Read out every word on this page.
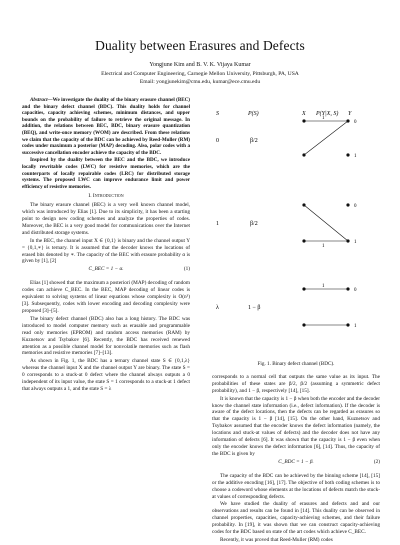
Duality between Erasures and Defects
Yongjune Kim and B. V. K. Vijaya Kumar
Electrical and Computer Engineering, Carnegie Mellon University, Pittsburgh, PA, USA
Email: yongjunekim@cmu.edu, kumar@ece.cmu.edu
Abstract—We investigate the duality of the binary erasure channel (BEC) and the binary defect channel (BDC). This duality holds for channel capacities, capacity achieving schemes, minimum distances, and upper bounds on the probability of failure to retrieve the original message. In addition, the relations between BEC, BDC, binary erasure quantization (BEQ), and write-once memory (WOM) are described. From these relations we claim that the capacity of the BDC can be achieved by Reed-Muller (RM) codes under maximum a posterior (MAP) decoding. Also, polar codes with a successive cancellation encoder achieve the capacity of the BDC.
Inspired by the duality between the BEC and the BDC, we introduce locally rewritable codes (LWC) for resistive memories, which are the counterparts of locally repairable codes (LRC) for distributed storage systems. The proposed LWC can improve endurance limit and power efficiency of resistive memories.
I. Introduction
The binary erasure channel (BEC) is a very well known channel model, which was introduced by Elias [1]. Due to its simplicity, it has been a starting point to design new coding schemes and analyze the properties of codes. Moreover, the BEC is a very good model for communications over the Internet and distributed storage systems.
In the BEC, the channel input X ∈ {0,1} is binary and the channel output Y = {0,1,∗} is ternary. It is assumed that the decoder knows the locations of erased bits denoted by ∗. The capacity of the BEC with erasure probability α is given by [1], [2]
C_BEC = 1 − α.	(1)
Elias [1] showed that the maximum a posteriori (MAP) decoding of random codes can achieve C_BEC. In the BEC, MAP decoding of linear codes is equivalent to solving systems of linear equations whose complexity is O(n³) [3]. Subsequently, codes with lower encoding and decoding complexity were proposed [3]–[5].
The binary defect channel (BDC) also has a long history. The BDC was introduced to model computer memory such as erasable and programmable read only memories (EPROM) and random access memories (RAM) by Kuznetsov and Tsybakov [6]. Recently, the BDC has received renewed attention as a possible channel model for nonvolatile memories such as flash memories and resistive memories [7]–[13].
As shown in Fig. 1, the BDC has a ternary channel state S ∈ {0,1,λ} whereas the channel input X and the channel output Y are binary. The state S = 0 corresponds to a stuck-at 0 defect where the channel always outputs a 0 independent of its input value, the state S = 1 corresponds to a stuck-at 1 defect that always outputs a 1, and the state S = λ
S	P(S)	X P(Y|X, S) Y
0	β/2
1
0
1
1	β/2
1
0
1
λ	1 − β
1
0
1
Fig. 1. Binary defect channel (BDC).
corresponds to a normal cell that outputs the same value as its input. The probabilities of these states are β/2, β/2 (assuming a symmetric defect probability), and 1 − β, respectively [14], [15].
It is known that the capacity is 1 − β when both the encoder and the decoder know the channel state information (i.e., defect information). If the decoder is aware of the defect locations, then the defects can be regarded as erasures so that the capacity is 1 − β [14], [15]. On the other hand, Kuznetsov and Tsybakov assumed that the encoder knows the defect information (namely, the locations and stuck-at values of defects) and the decoder does not have any information of defects [6]. It was shown that the capacity is 1 − β even when only the encoder knows the defect information [6], [14]. Thus, the capacity of the BDC is given by
C_BDC = 1 − β.	(2)
The capacity of the BDC can be achieved by the binning scheme [14], [15] or the additive encoding [16], [17]. The objective of both coding schemes is to choose a codeword whose elements at the locations of defects match the stuck-at values of corresponding defects.
We have studied the duality of erasures and defects and and our observations and results can be found in [14]. This duality can be observed in channel properties, capacities, capacity-achieving schemes, and their failure probability. In [19], it was shown that we can construct capacity-achieving codes for the BDC based on state of the art codes which achieve C_BEC.
Recently, it was proved that Reed-Muller (RM) codes
